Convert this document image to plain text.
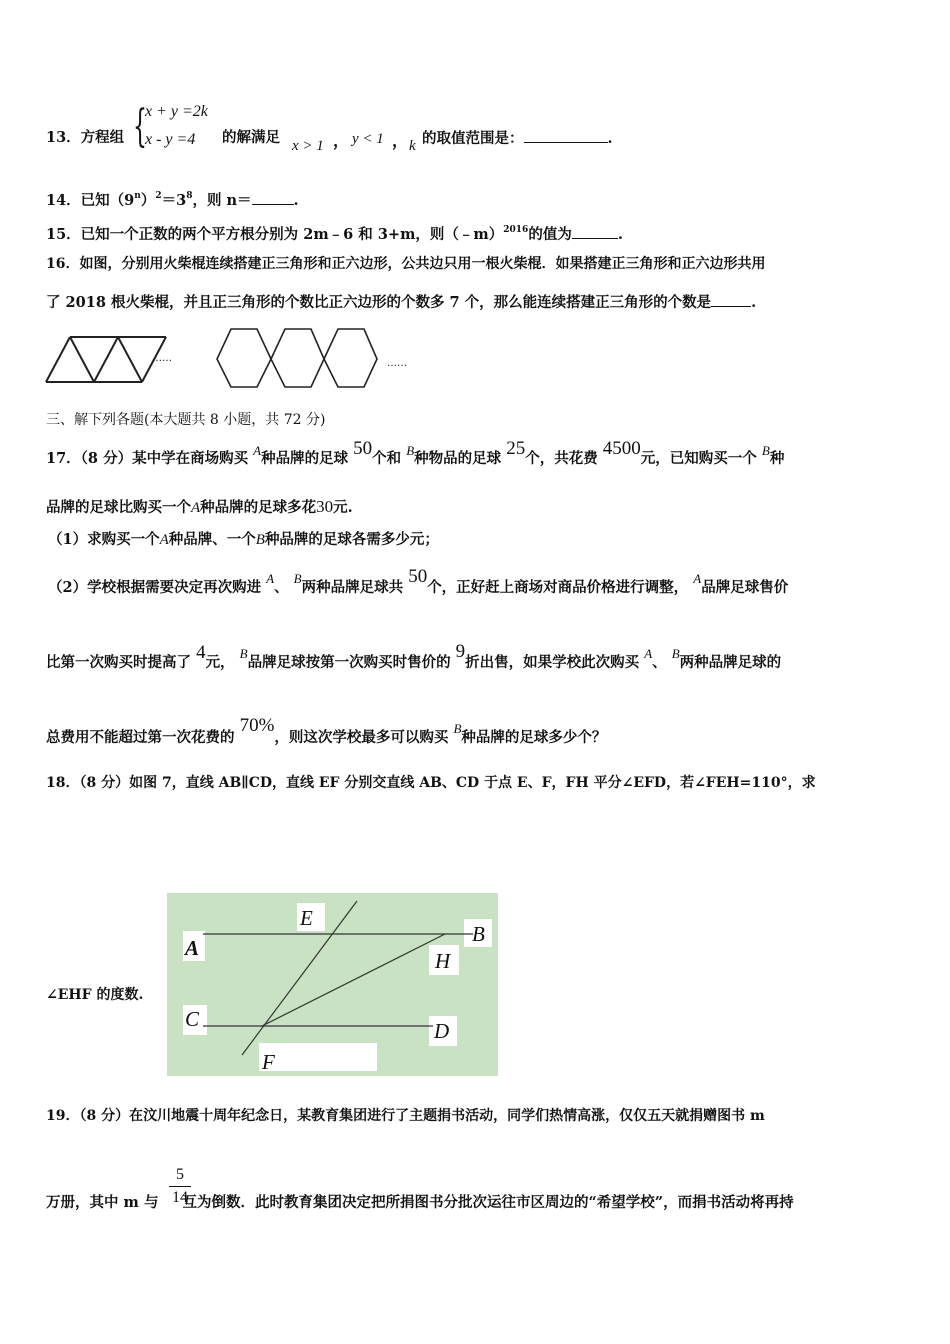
13．方程组 {
x + y =2k
x - y =4 的解满足 x > 1 ， y < 1 ， k 的取值范围是：	.
14．已知$(9^n)^2=3^8$，则 n＝	.
15．已知一个正数的两个平方根分别为 2m﹣6 和 3+m，则（﹣m）$^{2016}$的值为	.
16．如图，分别用火柴棍连续搭建正三角形和正六边形，公共边只用一根火柴棍．如果搭建正三角形和正六边形共用
了 2018 根火柴棍，并且正三角形的个数比正六边形的个数多 7 个，那么能连续搭建正三角形的个数是	.
……	……
三、解下列各题(本大题共 8 小题，共 72 分)
17．（8 分）某中学在商场购买 A种品牌的足球 50个和 B种物品的足球 25个，共花费 4500元，已知购买一个 B种
品牌的足球比购买一个A种品牌的足球多花30元.
（1）求购买一个A种品牌、一个B种品牌的足球各需多少元；
（2）学校根据需要决定再次购进 A、 B两种品牌足球共 50个，正好赶上商场对商品价格进行调整， A品牌足球售价
比第一次购买时提高了 4元， B品牌足球按第一次购买时售价的 9折出售，如果学校此次购买 A、 B两种品牌足球的
总费用不能超过第一次花费的 70%，则这次学校最多可以购买 B种品牌的足球多少个？
18．（8 分）如图 7，直线 AB∥CD，直线 EF 分别交直线 AB、CD 于点 E、F，FH 平分∠EFD，若∠FEH=110°，求
∠EHF 的度数.
A
B
C	D
E
F
H
19．（8 分）在汶川地震十周年纪念日，某教育集团进行了主题捐书活动，同学们热情高涨，仅仅五天就捐赠图书 m
万册，其中 m 与 互为倒数．此时教育集团决定把所捐图书分批次运往市区周边的“希望学校”，而捐书活动将再持
5
14
